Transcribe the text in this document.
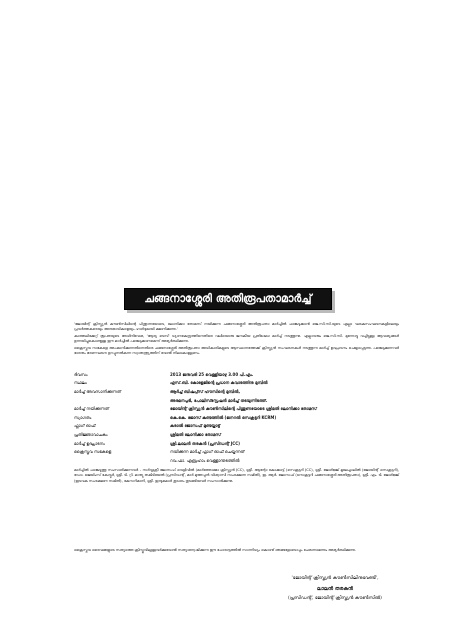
ചങ്ങനാശ്ശേരി അതിരൂപതാമാർച്ച്

'ജോയിന്റ് ക്രിസ്ത്യൻ കൗൺസിലിന്റെ പിന്തുണയോടെ, ലോനിക്കാ തോമസ് നയിക്കുന്ന ചങ്ങനാശ്ശേരി അതിരൂപതാ മാർച്ചിൽ പങ്കെടുക്കാൻ ജെ.സി.സി.യുടെ എല്ലാ ഘടകസംഘടനകളിലെയും പ്രവർത്തകരെയും അനുഭാവികളെയും ഹാർദ്ദമായി ക്ഷണിക്കുന്നു.'

കാത്തലിക്കേറ്റ് രൂപതയുടെ അധിനിവേശ, 'ആര്യ ടെമ്പ്' ധ്യാനകേന്ദ്രത്തിനെതിരെ വലിയൊരു ജനകീയ പ്രതിഷേധ മാർച്ച് നടത്തുന്നു. എല്ലാവരും ജെ.സി.സി. മുന്നോട്ടു വച്ചിട്ടുള്ള ആവശ്യങ്ങൾ ഉന്നയിച്ചുകൊണ്ടുള്ള ഈ മാർച്ചിൽ പങ്കെടുക്കണമെന്ന് അഭ്യർത്ഥിക്കുന്നു.

ക്രൈസ്തവ സഭകളെ അപമാനിക്കുന്നതിനെതിരെ ചങ്ങനാശ്ശേരി അതിരൂപതാ അധികാരികളുടെ ആസ്ഥാനത്തേക്ക് ക്രിസ്ത്യൻ സംഘടനകൾ നടത്തുന്ന മാർച്ച് ഉദ്ഘാടനം ചെയ്യപ്പെടുന്നു. പങ്കെടുക്കുന്നവർ ഭാരതം ഭരണഘടന ഉറപ്പുനൽകുന്ന സ്വാതന്ത്ര്യത്തിന് വേണ്ടി നിലകൊള്ളണം.

ദിവസം	2013 ജനുവരി 25 വെള്ളിയാഴ്ച 3.00 പി.എം.
സ്ഥലം	എസ്.ബി. കോളേജിന്റെ പ്രധാന കവാടത്തിനു മുമ്പിൽ
മാർച്ച് അവസാനിക്കുന്നത്	ആർച്ച് ബിഷപ്പ്സ് ഹൗസിന്റെ മുമ്പിൽ,
അരമനപ്പടി, പോലീസ്സ്റ്റേഷൻ മാർച്ച് തടയുന്നിടത്ത്.
മാർച്ച് നയിക്കുന്നത്	ജോയിന്റ് ക്രിസ്ത്യൻ കൗൺസിലിന്റെ പിന്തുണയോടെ ശ്രീമതി ലോനിക്കാ തോമസ്
സ്വാഗതം	കെ.കെ. ജോസ് കണ്ടത്തിൽ (ജനറൽ സെക്രട്ടറി KCRM)
ഫ്ലാഗ് ഓഫ്	കുരാൽ ജോസഫ് മുണ്ടയ്ക്കാട്ട്
പ്രതിജ്ഞാവാചകം	ശ്രീമതി ലോനിക്കാ തോമസ്
മാർച്ച് ഉദ്ഘാടനം	ശ്രീ.ലാലൻ തരകൻ (പ്രസിഡന്റ് JCC)
ക്രൈസ്തവ സഭകളെ	നയിക്കുന്ന മാർച്ച് ഫ്ലാഗ് ഓഫ് ചെയ്യുന്നത്
റവ.ഫാ. എബ്രഹാം വെള്ളാന്തടത്തിൽ

മാർച്ചിൽ പങ്കെടുത്തു സംസാരിക്കുന്നവർ - സർവ്വശ്രീ ജോസഫ് വെളിവിൽ (മാർത്തോമ്മാ ക്രിസ്ത്യൻ JCC), ശ്രീ. ആന്റോ കോക്കാട്ട് (സെക്രട്ടറി JCC), ശ്രീ. ജോർജ്ജ് മൂലേച്ചാലിൽ (ജോയിന്റ് സെക്രട്ടറി), ഡോ. ജെയിംസ് കോട്ടൂർ, ശ്രീ. ടി. റ്റി. മാത്യു തകിടിയേൽ (പ്രസിഡന്റ്, മാർ മുത്തപ്പൻ വിശ്വാസി സംരക്ഷണ സമിതി), ഇ. ആർ. ജോസഫ് (സെക്രട്ടറി ചങ്ങനാശ്ശേരി അതിരൂപതാ), ശ്രീ. എം. ടി. ജോർജ്ജ് (ഇടവക സംരക്ഷണ സമിതി), കേസറിമാനി, ശ്രീ. ഇന്ദുകുമാർ കൂടാരം തുടങ്ങിയവർ സംസാരിക്കുന്നു.

ക്രൈസ്തവ ദൈവങ്ങളുടെ സത്യത്തെ ക്രിസ്തുവിലുള്ളവർക്കുവേണ്ടി സത്യാന്വേഷിക്കുന്ന ഈ പോരാട്ടത്തിൽ സാന്നിധ്യം കൊണ്ട് ഞങ്ങളോടൊപ്പം ചേരണമെന്നും അഭ്യർത്ഥിക്കുന്നു.

'ജോയിന്റ് ക്രിസ്ത്യൻ കൗൺസിലിനുവേണ്ടി',
ലാലൻ തരകൻ
(പ്രസിഡന്റ്, ജോയിന്റ് ക്രിസ്ത്യൻ കൗൺസിൽ)
